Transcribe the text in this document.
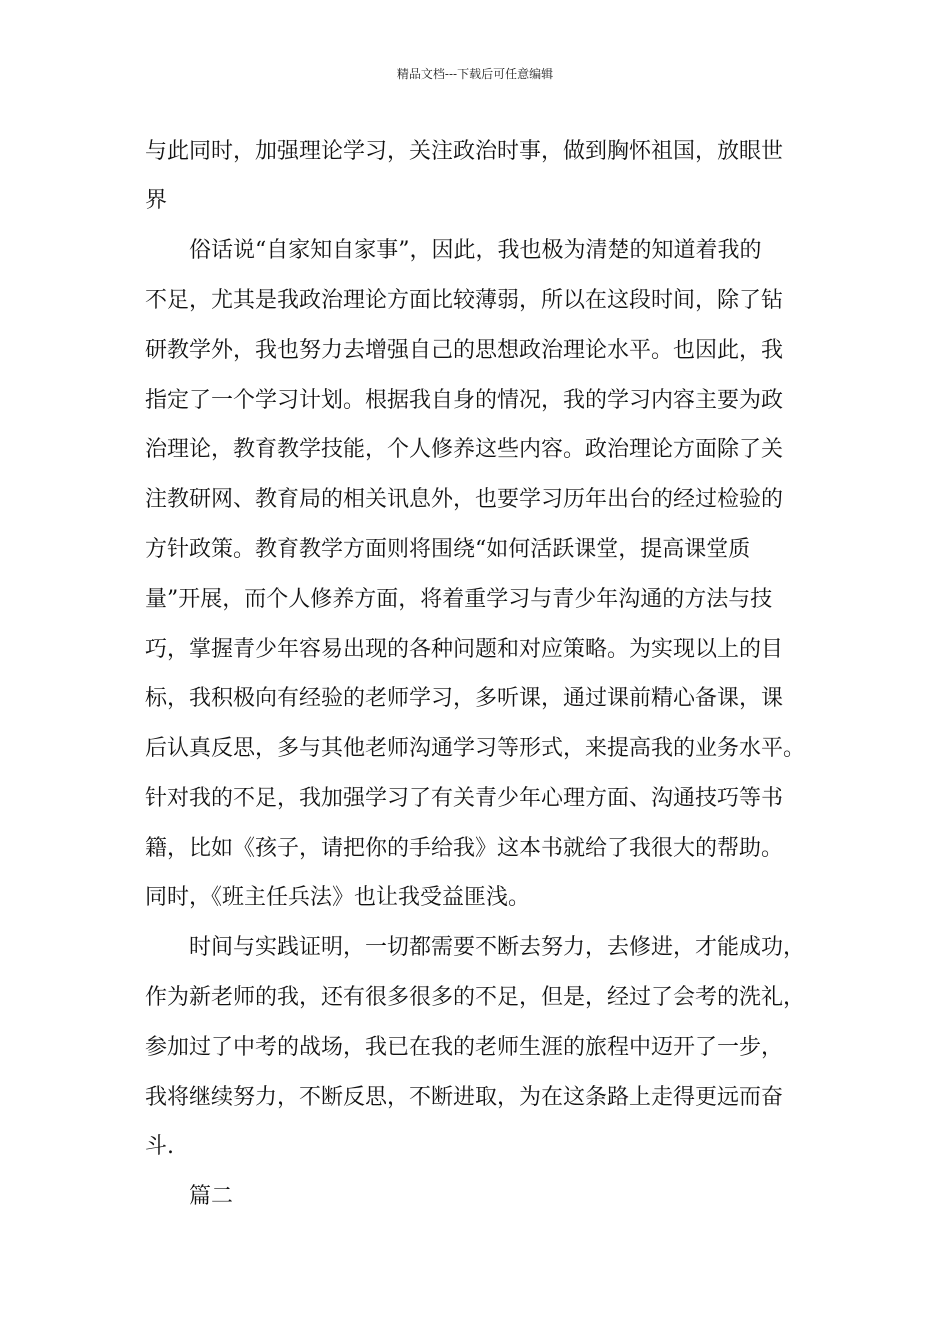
精品文档---下载后可任意编辑
与此同时，加强理论学习，关注政治时事，做到胸怀祖国，放眼世
界
俗话说“自家知自家事”，因此，我也极为清楚的知道着我的
不足，尤其是我政治理论方面比较薄弱，所以在这段时间，除了钻
研教学外，我也努力去增强自己的思想政治理论水平。也因此，我
指定了一个学习计划。根据我自身的情况，我的学习内容主要为政
治理论，教育教学技能，个人修养这些内容。政治理论方面除了关
注教研网、教育局的相关讯息外，也要学习历年出台的经过检验的
方针政策。教育教学方面则将围绕“如何活跃课堂，提高课堂质
量”开展，而个人修养方面，将着重学习与青少年沟通的方法与技
巧，掌握青少年容易出现的各种问题和对应策略。为实现以上的目
标，我积极向有经验的老师学习，多听课，通过课前精心备课，课
后认真反思，多与其他老师沟通学习等形式，来提高我的业务水平。
针对我的不足，我加强学习了有关青少年心理方面、沟通技巧等书
籍，比如《孩子，请把你的手给我》这本书就给了我很大的帮助。
同时，《班主任兵法》也让我受益匪浅。
时间与实践证明，一切都需要不断去努力，去修进，才能成功，
作为新老师的我，还有很多很多的不足，但是，经过了会考的洗礼，
参加过了中考的战场，我已在我的老师生涯的旅程中迈开了一步，
我将继续努力，不断反思，不断进取，为在这条路上走得更远而奋
斗.
篇二
